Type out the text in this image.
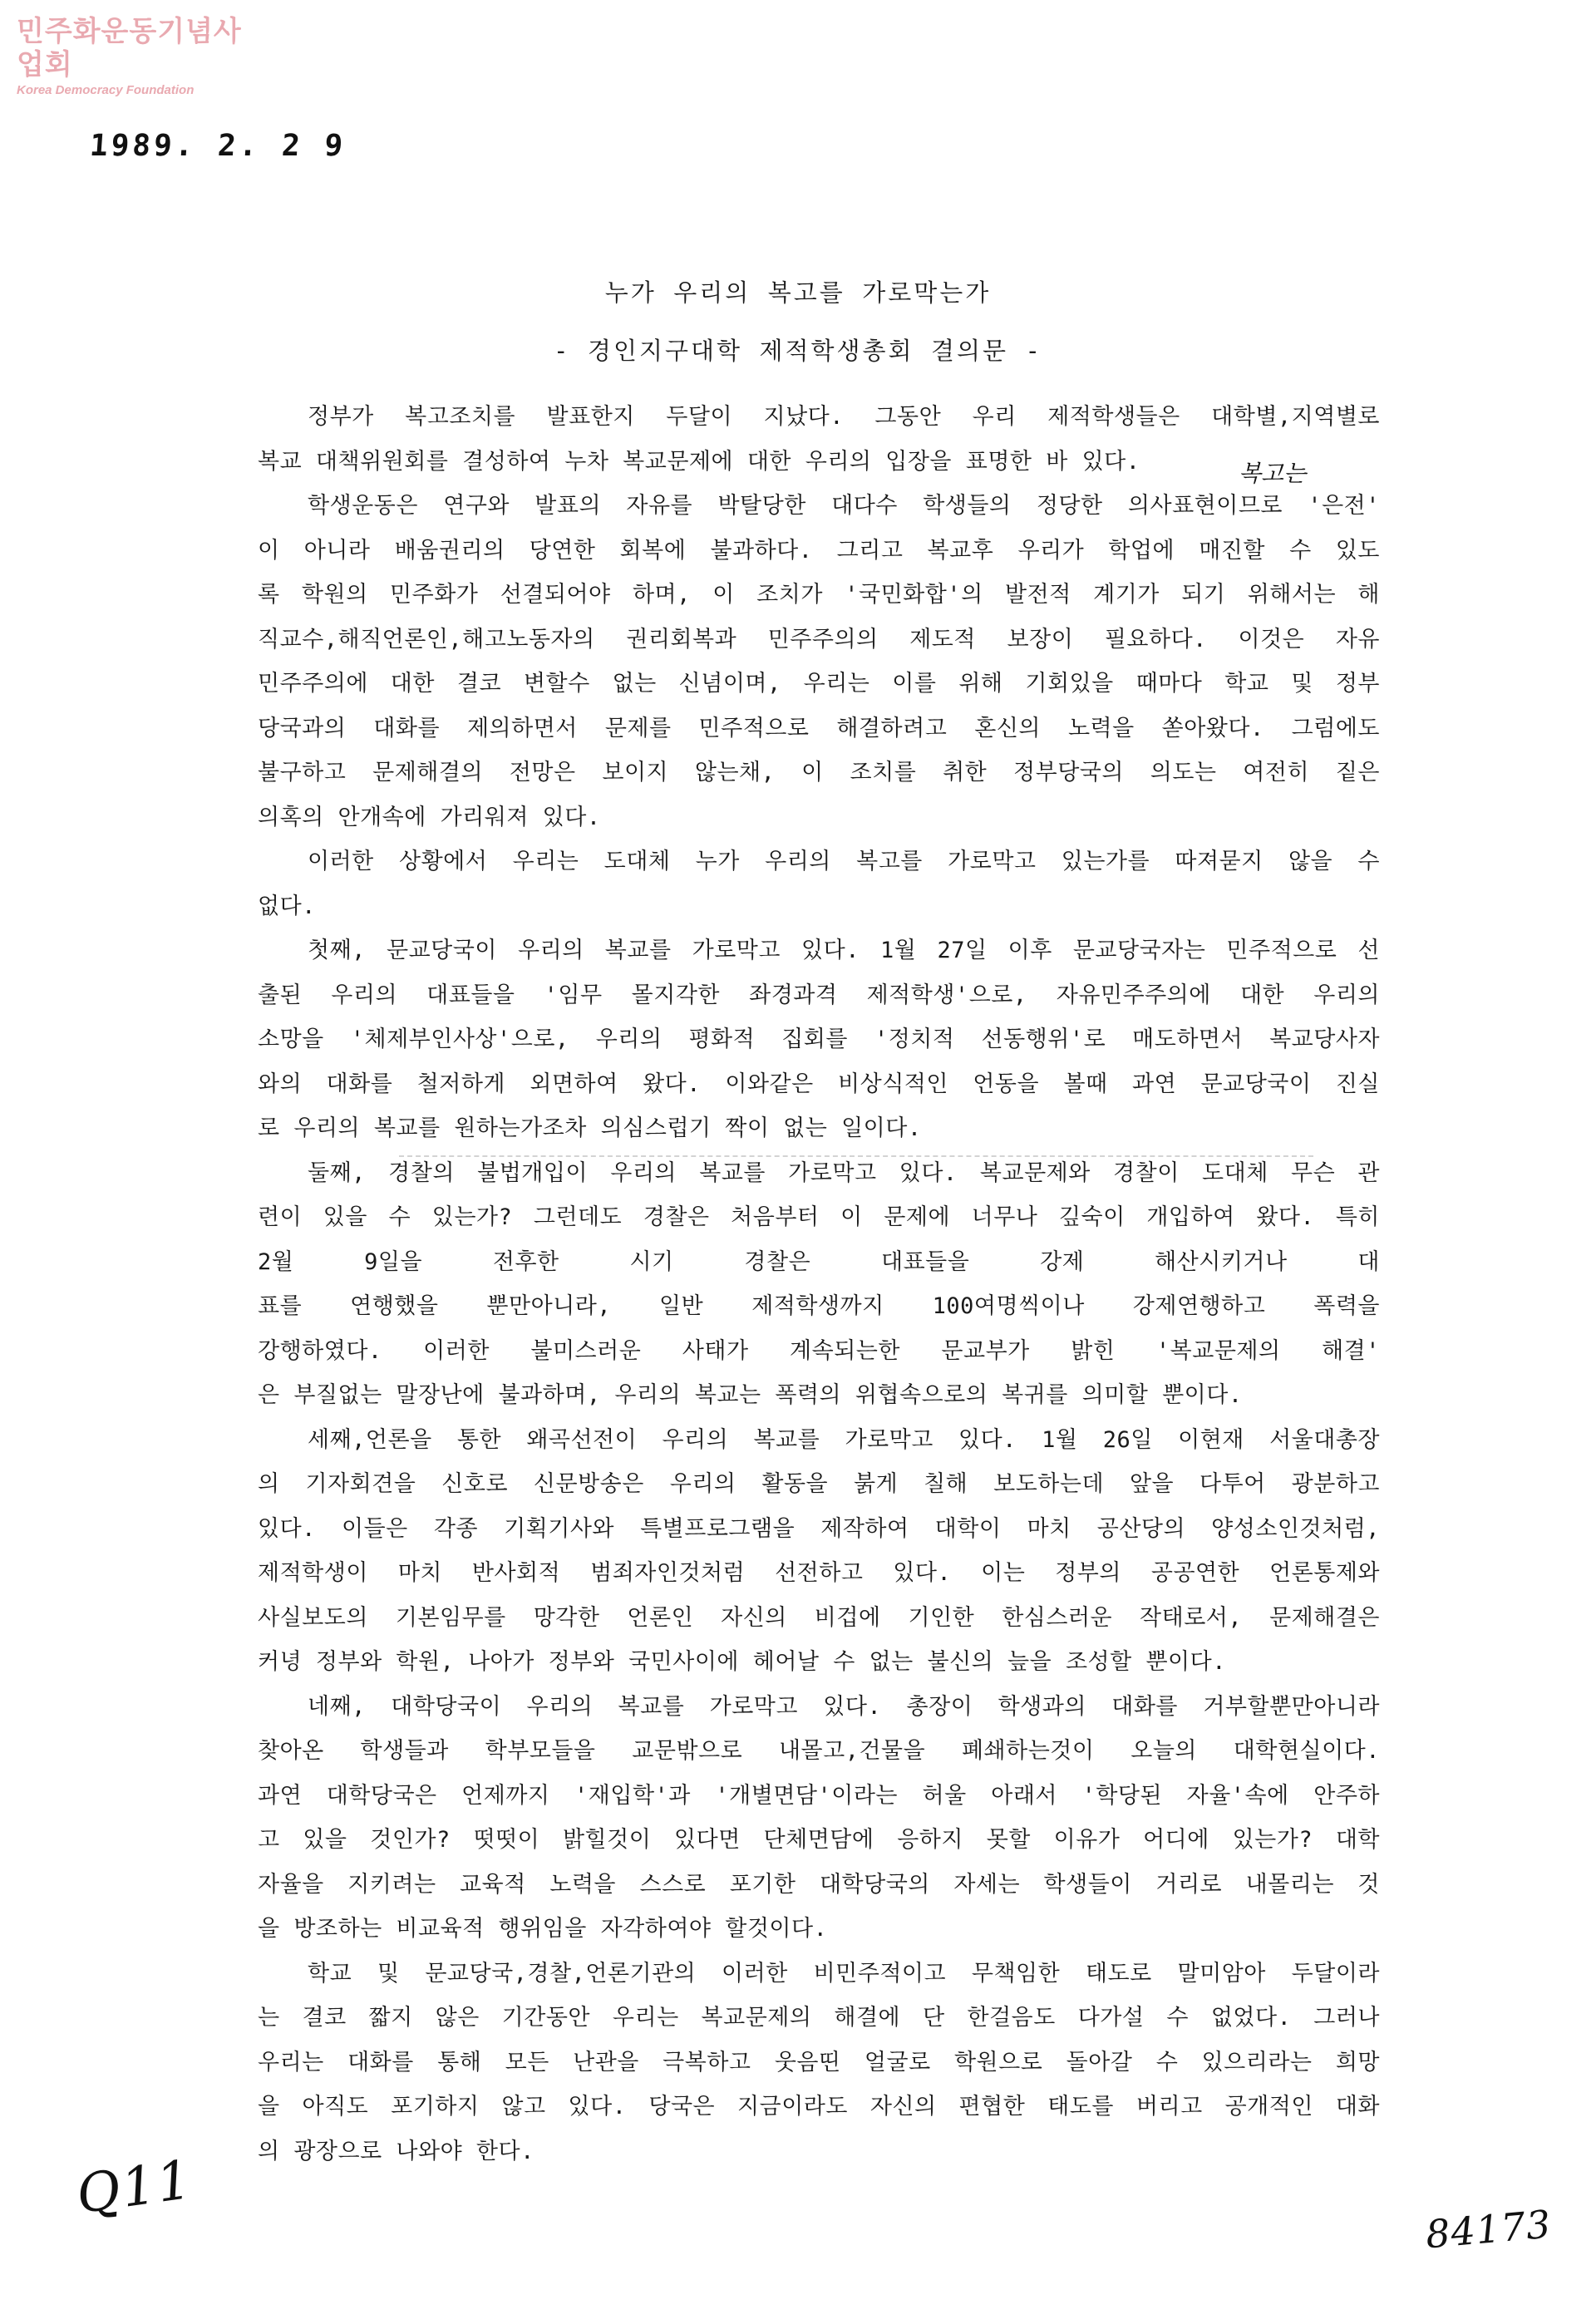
민주화운동기념사업회
Korea Democracy Foundation
1989. 2. 2 9
누가 우리의 복고를 가로막는가
- 경인지구대학 제적학생총회 결의문 -
복고는
정부가 복고조치를 발표한지 두달이 지났다. 그동안 우리 제적학생들은 대학별,지역별로
복교 대책위원회를 결성하여 누차 복교문제에 대한 우리의 입장을 표명한 바 있다.
학생운동은 연구와 발표의 자유를 박탈당한 대다수 학생들의 정당한 의사표현이므로 '은전'
이 아니라 배움권리의 당연한 회복에 불과하다. 그리고 복교후 우리가 학업에 매진할 수 있도
록 학원의 민주화가 선결되어야 하며, 이 조치가 '국민화합'의 발전적 계기가 되기 위해서는 해
직교수,해직언론인,해고노동자의 권리회복과 민주주의의 제도적 보장이 필요하다. 이것은 자유
민주주의에 대한 결코 변할수 없는 신념이며, 우리는 이를 위해 기회있을 때마다 학교 및 정부
당국과의 대화를 제의하면서 문제를 민주적으로 해결하려고 혼신의 노력을 쏟아왔다. 그럼에도
불구하고 문제해결의 전망은 보이지 않는채, 이 조치를 취한 정부당국의 의도는 여전히 짙은
의혹의 안개속에 가리워져 있다.
이러한 상황에서 우리는 도대체 누가 우리의 복고를 가로막고 있는가를 따져묻지 않을 수
없다.
첫째, 문교당국이 우리의 복교를 가로막고 있다. 1월 27일 이후 문교당국자는 민주적으로 선
출된 우리의 대표들을 '임무 몰지각한 좌경과격 제적학생'으로, 자유민주주의에 대한 우리의
소망을 '체제부인사상'으로, 우리의 평화적 집회를 '정치적 선동행위'로 매도하면서 복교당사자
와의 대화를 철저하게 외면하여 왔다. 이와같은 비상식적인 언동을 볼때 과연 문교당국이 진실
로 우리의 복교를 원하는가조차 의심스럽기 짝이 없는 일이다.
둘째, 경찰의 불법개입이 우리의 복교를 가로막고 있다. 복교문제와 경찰이 도대체 무슨 관
련이 있을 수 있는가? 그런데도 경찰은 처음부터 이 문제에 너무나 깊숙이 개입하여 왔다. 특히
2월 9일을 전후한 시기 경찰은 대표들을 강제 해산시키거나 대
표를 연행했을 뿐만아니라, 일반 제적학생까지 100여명씩이나 강제연행하고 폭력을
강행하였다. 이러한 불미스러운 사태가 계속되는한 문교부가 밝힌 '복교문제의 해결'
은 부질없는 말장난에 불과하며, 우리의 복교는 폭력의 위협속으로의 복귀를 의미할 뿐이다.
세째,언론을 통한 왜곡선전이 우리의 복교를 가로막고 있다. 1월 26일 이현재 서울대총장
의 기자회견을 신호로 신문방송은 우리의 활동을 붉게 칠해 보도하는데 앞을 다투어 광분하고
있다. 이들은 각종 기획기사와 특별프로그램을 제작하여 대학이 마치 공산당의 양성소인것처럼,
제적학생이 마치 반사회적 범죄자인것처럼 선전하고 있다. 이는 정부의 공공연한 언론통제와
사실보도의 기본임무를 망각한 언론인 자신의 비겁에 기인한 한심스러운 작태로서, 문제해결은
커녕 정부와 학원, 나아가 정부와 국민사이에 헤어날 수 없는 불신의 늪을 조성할 뿐이다.
네째, 대학당국이 우리의 복교를 가로막고 있다. 총장이 학생과의 대화를 거부할뿐만아니라
찾아온 학생들과 학부모들을 교문밖으로 내몰고,건물을 폐쇄하는것이 오늘의 대학현실이다.
과연 대학당국은 언제까지 '재입학'과 '개별면담'이라는 허울 아래서 '학당된 자율'속에 안주하
고 있을 것인가? 떳떳이 밝힐것이 있다면 단체면담에 응하지 못할 이유가 어디에 있는가? 대학
자율을 지키려는 교육적 노력을 스스로 포기한 대학당국의 자세는 학생들이 거리로 내몰리는 것
을 방조하는 비교육적 행위임을 자각하여야 할것이다.
학교 및 문교당국,경찰,언론기관의 이러한 비민주적이고 무책임한 태도로 말미암아 두달이라
는 결코 짧지 않은 기간동안 우리는 복교문제의 해결에 단 한걸음도 다가설 수 없었다. 그러나
우리는 대화를 통해 모든 난관을 극복하고 웃음띤 얼굴로 학원으로 돌아갈 수 있으리라는 희망
을 아직도 포기하지 않고 있다. 당국은 지금이라도 자신의 편협한 태도를 버리고 공개적인 대화
의 광장으로 나와야 한다.
Q11
84173
